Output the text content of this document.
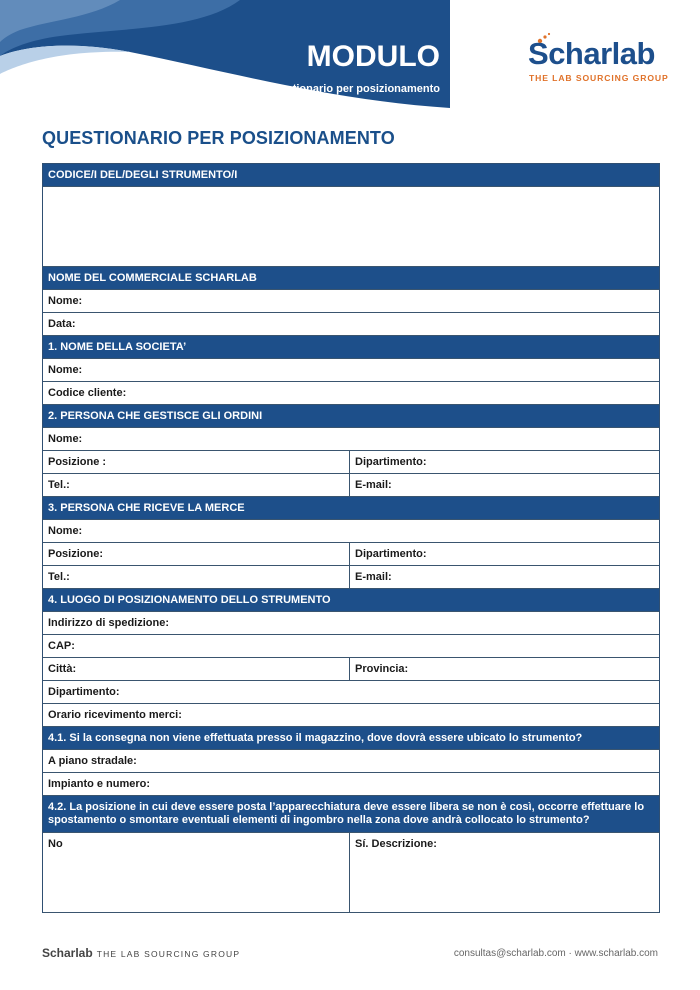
MODULO
Questionario per posizionamento
Scharlab
THE LAB SOURCING GROUP
QUESTIONARIO PER POSIZIONAMENTO
CODICE/I DEL/DEGLI STRUMENTO/I
NOME DEL COMMERCIALE SCHARLAB
Nome:
Data:
1. NOME DELLA SOCIETA’
Nome:
Codice cliente:
2. PERSONA CHE GESTISCE GLI ORDINI
Nome:
Posizione :	Dipartimento:
Tel.:	E-mail:
3. PERSONA CHE RICEVE LA MERCE
Nome:
Posizione:	Dipartimento:
Tel.:	E-mail:
4. LUOGO DI POSIZIONAMENTO DELLO STRUMENTO
Indirizzo di spedizione:
CAP:
Città:	Provincia:
Dipartimento:
Orario ricevimento merci:
4.1. Si la consegna non viene effettuata presso il magazzino, dove dovrà essere ubicato lo strumento?
A piano stradale:
Impianto e numero:
4.2. La posizione in cui deve essere posta l’apparecchiatura deve essere libera se non è così, occorre effettuare lo spostamento o smontare eventuali elementi di ingombro nella zona dove andrà collocato lo strumento?
No	Sí. Descrizione:
Scharlab THE LAB SOURCING GROUP	consultas@scharlab.com · www.scharlab.com
